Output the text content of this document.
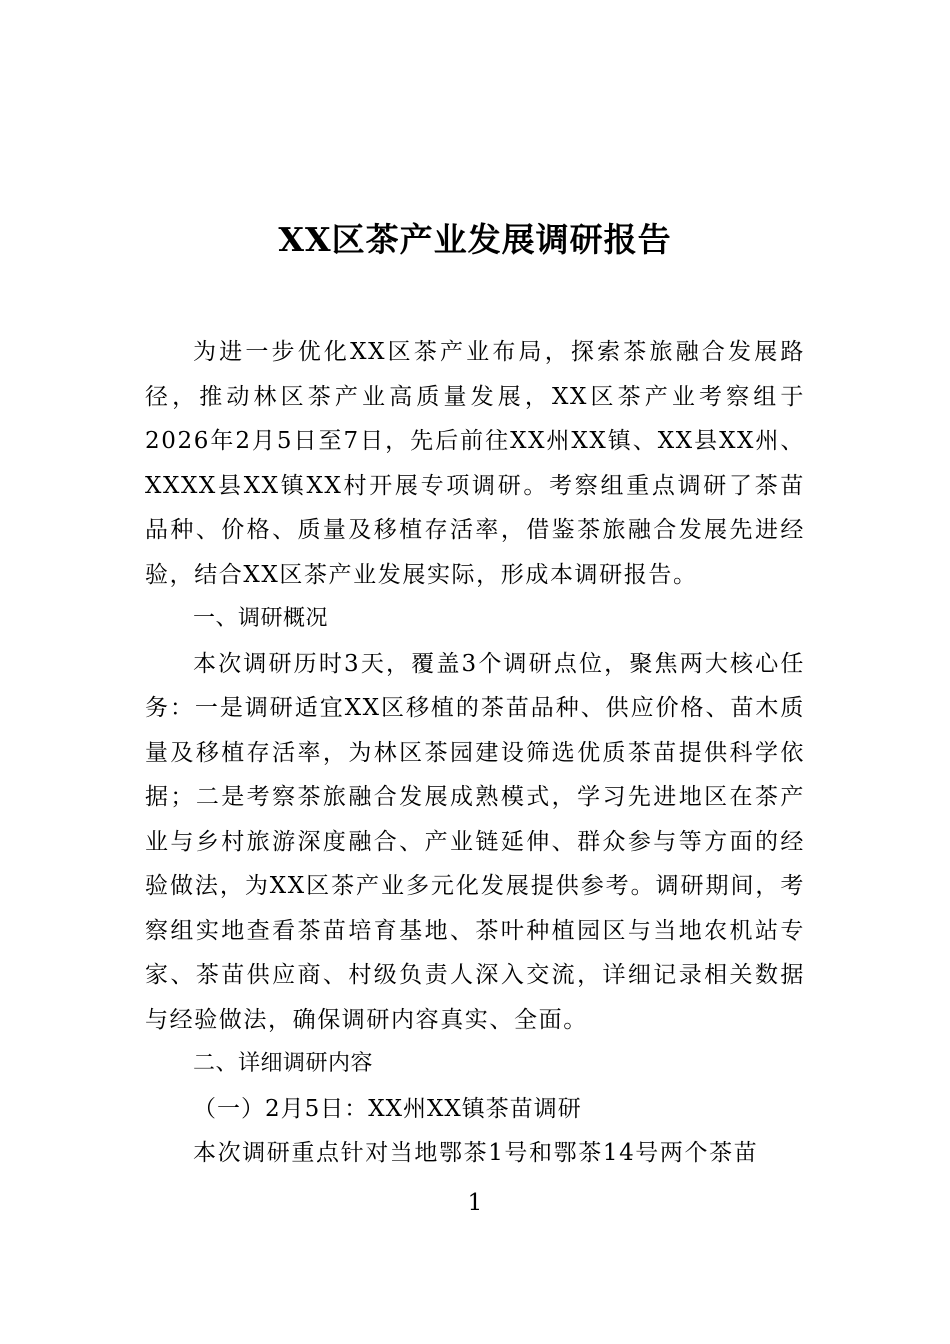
XX区茶产业发展调研报告

为进一步优化XX区茶产业布局，探索茶旅融合发展路径，推动林区茶产业高质量发展，XX区茶产业考察组于2026年2月5日至7日，先后前往XX州XX镇、XX县XX州、XXXX县XX镇XX村开展专项调研。考察组重点调研了茶苗品种、价格、质量及移植存活率，借鉴茶旅融合发展先进经验，结合XX区茶产业发展实际，形成本调研报告。

一、调研概况

本次调研历时3天，覆盖3个调研点位，聚焦两大核心任务：一是调研适宜XX区移植的茶苗品种、供应价格、苗木质量及移植存活率，为林区茶园建设筛选优质茶苗提供科学依据；二是考察茶旅融合发展成熟模式，学习先进地区在茶产业与乡村旅游深度融合、产业链延伸、群众参与等方面的经验做法，为XX区茶产业多元化发展提供参考。调研期间，考察组实地查看茶苗培育基地、茶叶种植园区与当地农机站专家、茶苗供应商、村级负责人深入交流，详细记录相关数据与经验做法，确保调研内容真实、全面。

二、详细调研内容

（一）2月5日：XX州XX镇茶苗调研

本次调研重点针对当地鄂茶1号和鄂茶14号两个茶苗

1
